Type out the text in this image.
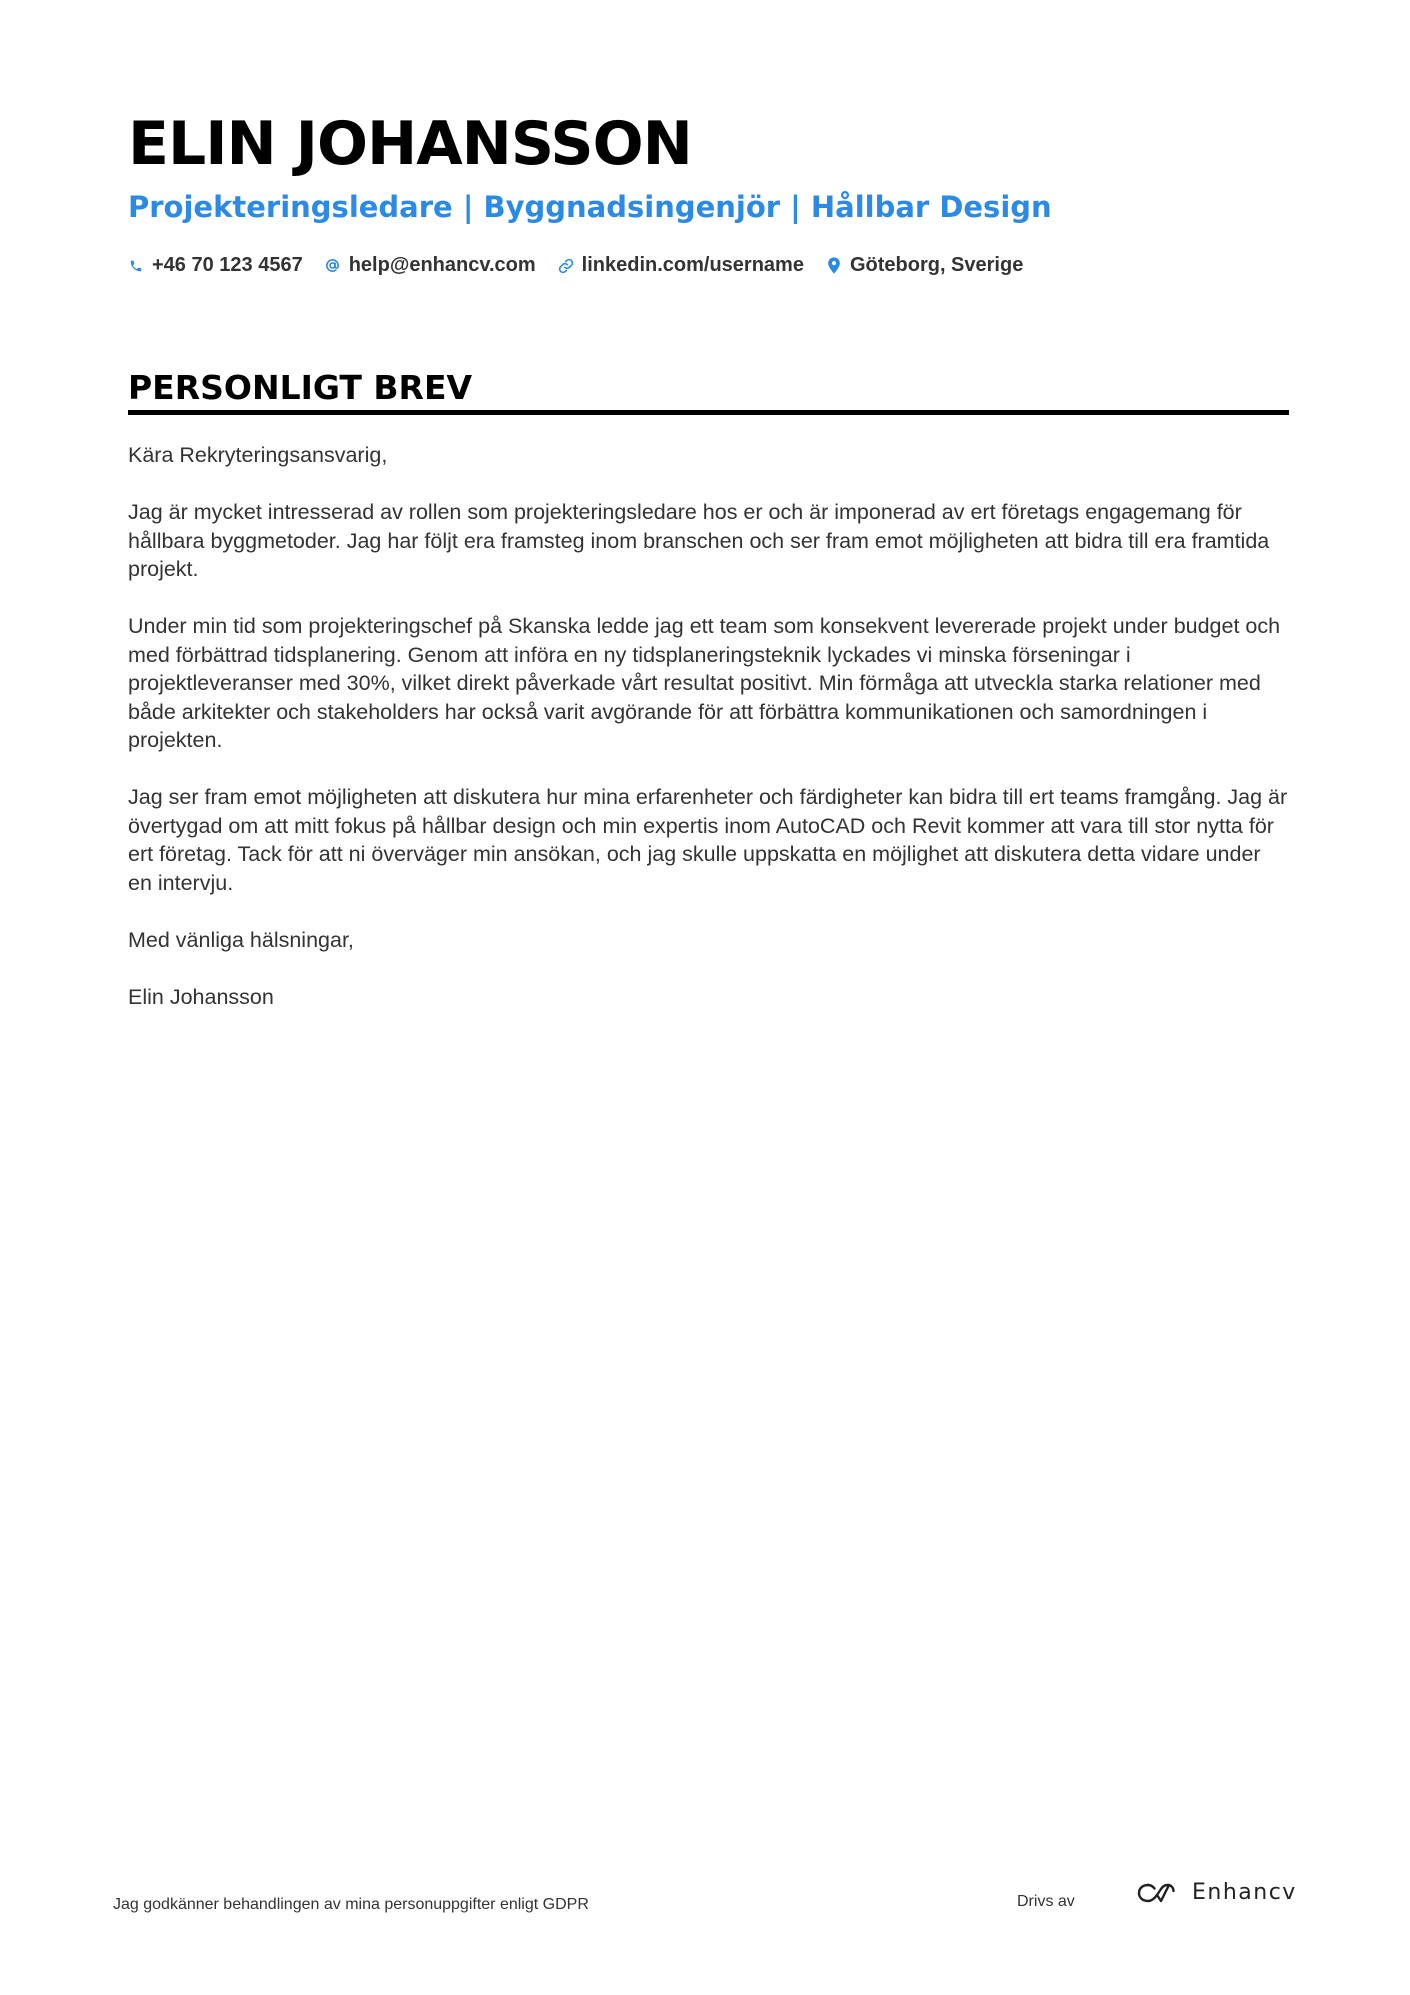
ELIN JOHANSSON
Projekteringsledare | Byggnadsingenjör | Hållbar Design
+46 70 123 4567 help@enhancv.com linkedin.com/username Göteborg, Sverige
PERSONLIGT BREV

Kära Rekryteringsansvarig,

Jag är mycket intresserad av rollen som projekteringsledare hos er och är imponerad av ert företags engagemang för hållbara byggmetoder. Jag har följt era framsteg inom branschen och ser fram emot möjligheten att bidra till era framtida projekt.

Under min tid som projekteringschef på Skanska ledde jag ett team som konsekvent levererade projekt under budget och med förbättrad tidsplanering. Genom att införa en ny tidsplaneringsteknik lyckades vi minska förseningar i projektleveranser med 30%, vilket direkt påverkade vårt resultat positivt. Min förmåga att utveckla starka relationer med både arkitekter och stakeholders har också varit avgörande för att förbättra kommunikationen och samordningen i projekten.

Jag ser fram emot möjligheten att diskutera hur mina erfarenheter och färdigheter kan bidra till ert teams framgång. Jag är övertygad om att mitt fokus på hållbar design och min expertis inom AutoCAD och Revit kommer att vara till stor nytta för ert företag. Tack för att ni överväger min ansökan, och jag skulle uppskatta en möjlighet att diskutera detta vidare under en intervju.

Med vänliga hälsningar,

Elin Johansson

Jag godkänner behandlingen av mina personuppgifter enligt GDPR	Drivs av	Enhancv
